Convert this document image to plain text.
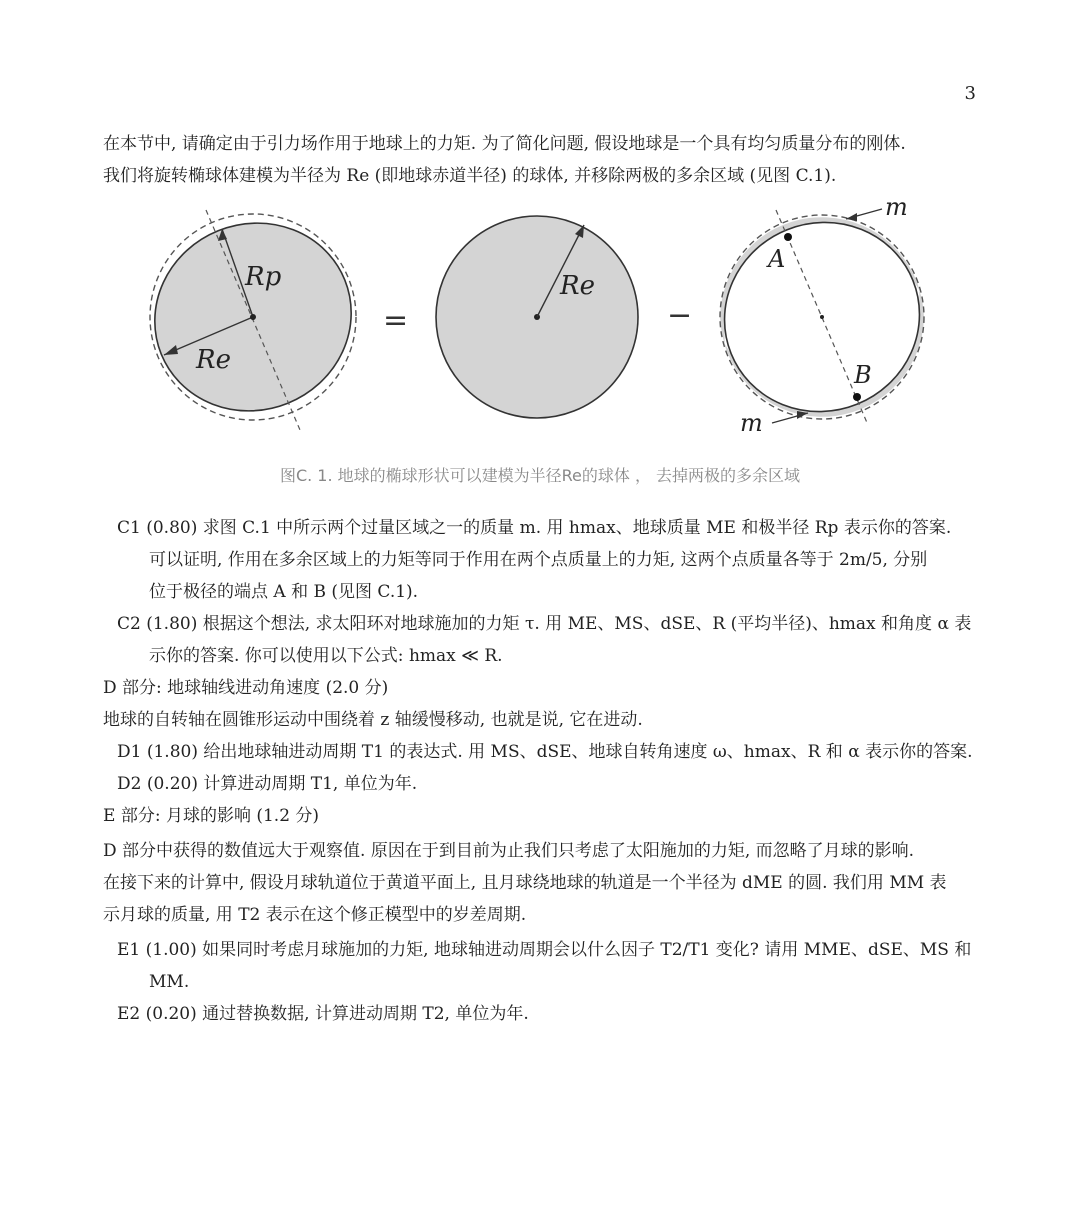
3
在本节中, 请确定由于引力场作用于地球上的力矩. 为了简化问题, 假设地球是一个具有均匀质量分布的刚体.
我们将旋转椭球体建模为半径为 Re (即地球赤道半径) 的球体, 并移除两极的多余区域 (见图 C.1).
Rp
Re
=
Re
−
A
B
m
m
图C. 1. 地球的椭球形状可以建模为半径Re的球体 ， 去掉两极的多余区域
C1 (0.80) 求图 C.1 中所示两个过量区域之一的质量 m. 用 hmax、地球质量 ME 和极半径 Rp 表示你的答案.
可以证明, 作用在多余区域上的力矩等同于作用在两个点质量上的力矩, 这两个点质量各等于 2m/5, 分别
位于极径的端点 A 和 B (见图 C.1).
C2 (1.80) 根据这个想法, 求太阳环对地球施加的力矩 τ. 用 ME、MS、dSE、R (平均半径)、hmax 和角度 α 表
示你的答案. 你可以使用以下公式: hmax ≪ R.
D 部分: 地球轴线进动角速度 (2.0 分)
地球的自转轴在圆锥形运动中围绕着 z 轴缓慢移动, 也就是说, 它在进动.
D1 (1.80) 给出地球轴进动周期 T1 的表达式. 用 MS、dSE、地球自转角速度 ω、hmax、R 和 α 表示你的答案.
D2 (0.20) 计算进动周期 T1, 单位为年.
E 部分: 月球的影响 (1.2 分)
D 部分中获得的数值远大于观察值. 原因在于到目前为止我们只考虑了太阳施加的力矩, 而忽略了月球的影响.
在接下来的计算中, 假设月球轨道位于黄道平面上, 且月球绕地球的轨道是一个半径为 dME 的圆. 我们用 MM 表
示月球的质量, 用 T2 表示在这个修正模型中的岁差周期.
E1 (1.00) 如果同时考虑月球施加的力矩, 地球轴进动周期会以什么因子 T2/T1 变化? 请用 MME、dSE、MS 和
MM.
E2 (0.20) 通过替换数据, 计算进动周期 T2, 单位为年.
